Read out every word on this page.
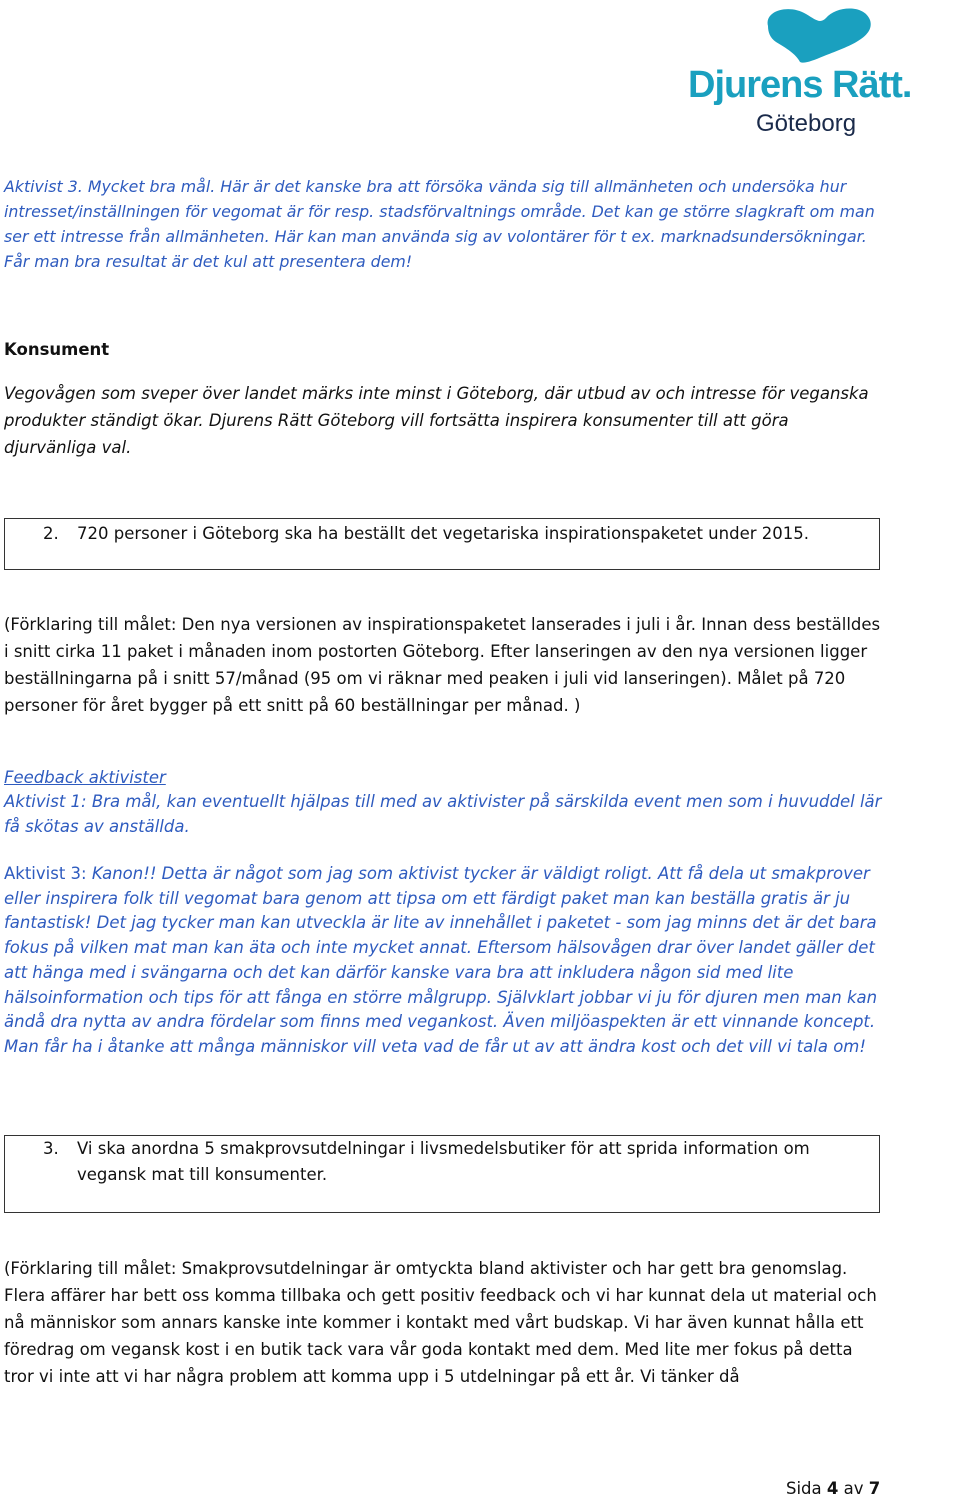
Djurens Rätt.
Göteborg
Aktivist 3. Mycket bra mål. Här är det kanske bra att försöka vända sig till allmänheten och undersöka hur intresset/inställningen för vegomat är för resp. stadsförvaltnings område. Det kan ge större slagkraft om man ser ett intresse från allmänheten. Här kan man använda sig av volontärer för t ex. marknadsundersökningar. Får man bra resultat är det kul att presentera dem!
Konsument
Vegovågen som sveper över landet märks inte minst i Göteborg, där utbud av och intresse för veganska produkter ständigt ökar. Djurens Rätt Göteborg vill fortsätta inspirera konsumenter till att göra djurvänliga val.
2. 720 personer i Göteborg ska ha beställt det vegetariska inspirationspaketet under 2015.
(Förklaring till målet: Den nya versionen av inspirationspaketet lanserades i juli i år. Innan dess beställdes i snitt cirka 11 paket i månaden inom postorten Göteborg. Efter lanseringen av den nya versionen ligger beställningarna på i snitt 57/månad (95 om vi räknar med peaken i juli vid lanseringen). Målet på 720 personer för året bygger på ett snitt på 60 beställningar per månad. )
Feedback aktivister
Aktivist 1: Bra mål, kan eventuellt hjälpas till med av aktivister på särskilda event men som i huvuddel lär få skötas av anställda.
Aktivist 3: Kanon!! Detta är något som jag som aktivist tycker är väldigt roligt. Att få dela ut smakprover eller inspirera folk till vegomat bara genom att tipsa om ett färdigt paket man kan beställa gratis är ju fantastisk! Det jag tycker man kan utveckla är lite av innehållet i paketet - som jag minns det är det bara fokus på vilken mat man kan äta och inte mycket annat. Eftersom hälsovågen drar över landet gäller det att hänga med i svängarna och det kan därför kanske vara bra att inkludera någon sid med lite hälsoinformation och tips för att fånga en större målgrupp. Självklart jobbar vi ju för djuren men man kan ändå dra nytta av andra fördelar som finns med vegankost. Även miljöaspekten är ett vinnande koncept. Man får ha i åtanke att många människor vill veta vad de får ut av att ändra kost och det vill vi tala om!
3. Vi ska anordna 5 smakprovsutdelningar i livsmedelsbutiker för att sprida information om vegansk mat till konsumenter.
(Förklaring till målet: Smakprovsutdelningar är omtyckta bland aktivister och har gett bra genomslag. Flera affärer har bett oss komma tillbaka och gett positiv feedback och vi har kunnat dela ut material och nå människor som annars kanske inte kommer i kontakt med vårt budskap. Vi har även kunnat hålla ett föredrag om vegansk kost i en butik tack vara vår goda kontakt med dem. Med lite mer fokus på detta tror vi inte att vi har några problem att komma upp i 5 utdelningar på ett år. Vi tänker då
Sida 4 av 7
